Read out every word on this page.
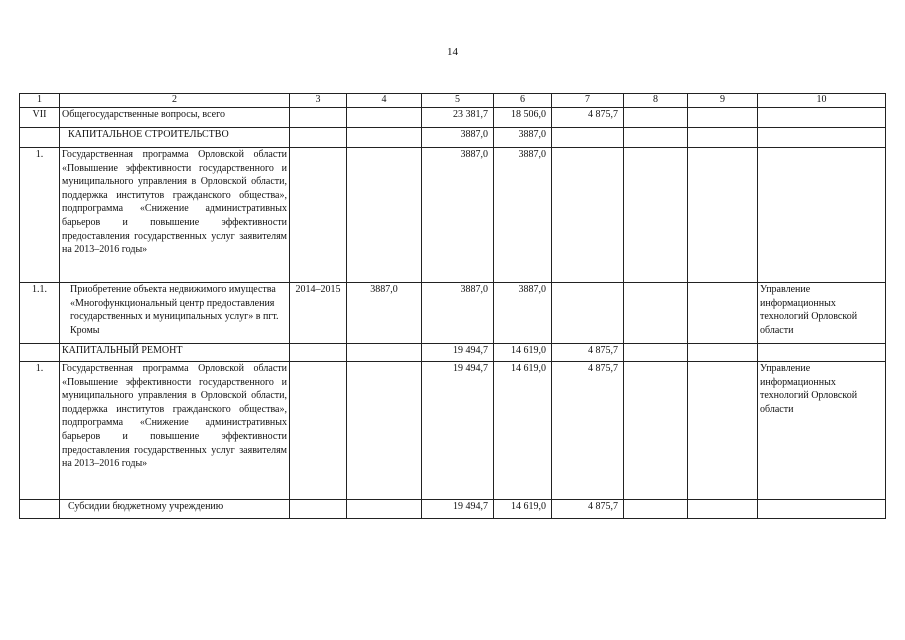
14
1	2	3	4	5	6	7	8	9	10
VII	Общегосударственные вопросы, всего			23 381,7	18 506,0	4 875,7			
	КАПИТАЛЬНОЕ СТРОИТЕЛЬСТВО			3887,0	3887,0				
1.	Государственная программа Орловской области «Повышение эффективности государственного и муниципального управления в Орловской области, поддержка институтов гражданского общества», подпрограмма «Снижение административных барьеров и повышение эффективности предоставления государственных услуг заявителям на 2013–2016 годы»			3887,0	3887,0				
1.1.	Приобретение объекта недвижимого имущества «Многофункциональный центр предоставления государственных и муниципальных услуг» в пгт. Кромы	2014–2015	3887,0	3887,0	3887,0				Управление информационных технологий Орловской области
	КАПИТАЛЬНЫЙ РЕМОНТ			19 494,7	14 619,0	4 875,7			
1.	Государственная программа Орловской области «Повышение эффективности государственного и муниципального управления в Орловской области, поддержка институтов гражданского общества», подпрограмма «Снижение административных барьеров и повышение эффективности предоставления государственных услуг заявителям на 2013–2016 годы»			19 494,7	14 619,0	4 875,7			Управление информационных технологий Орловской области
	Субсидии бюджетному учреждению			19 494,7	14 619,0	4 875,7			
